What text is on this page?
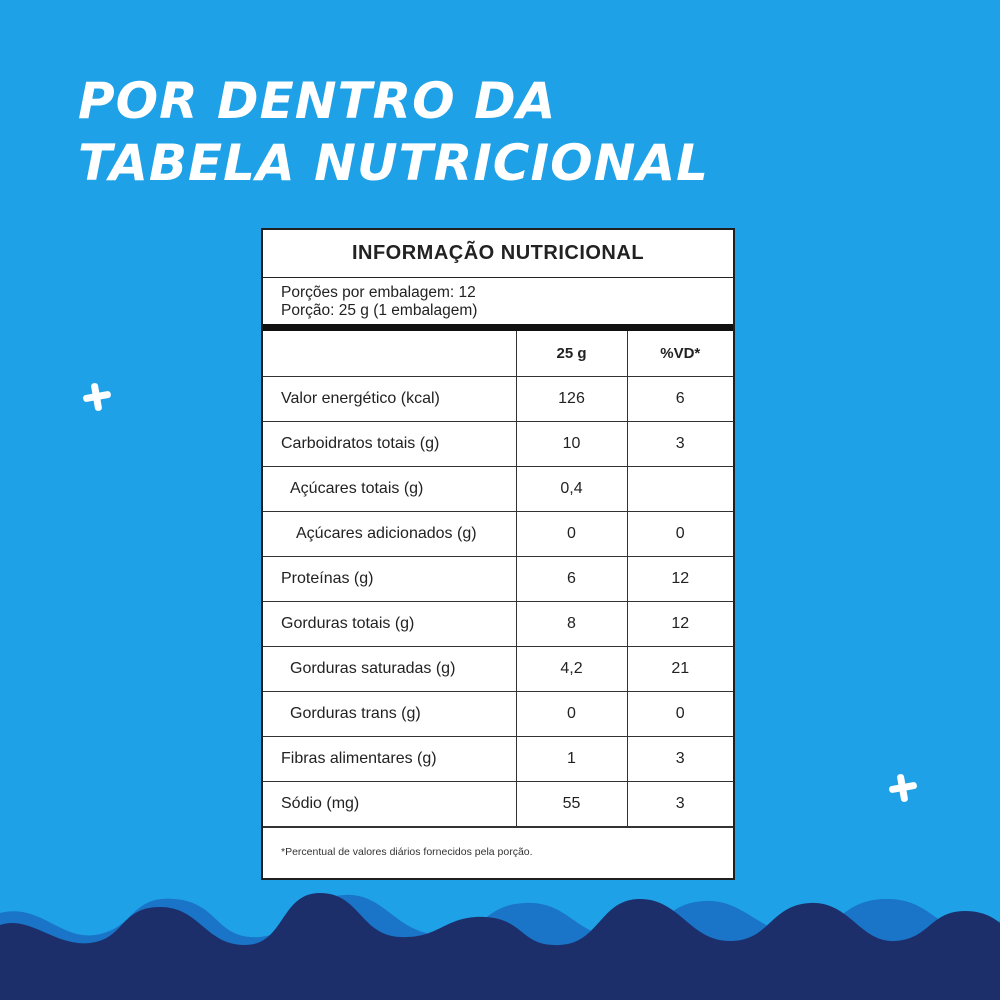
POR DENTRO DA
TABELA NUTRICIONAL
INFORMAÇÃO NUTRICIONAL
Porções por embalagem: 12
Porção: 25 g (1 embalagem)
	25 g	%VD*
Valor energético (kcal)	126	6
Carboidratos totais (g)	10	3
Açúcares totais (g)	0,4	
Açúcares adicionados (g)	0	0
Proteínas (g)	6	12
Gorduras totais (g)	8	12
Gorduras saturadas (g)	4,2	21
Gorduras trans (g)	0	0
Fibras alimentares (g)	1	3
Sódio (mg)	55	3
*Percentual de valores diários fornecidos pela porção.
